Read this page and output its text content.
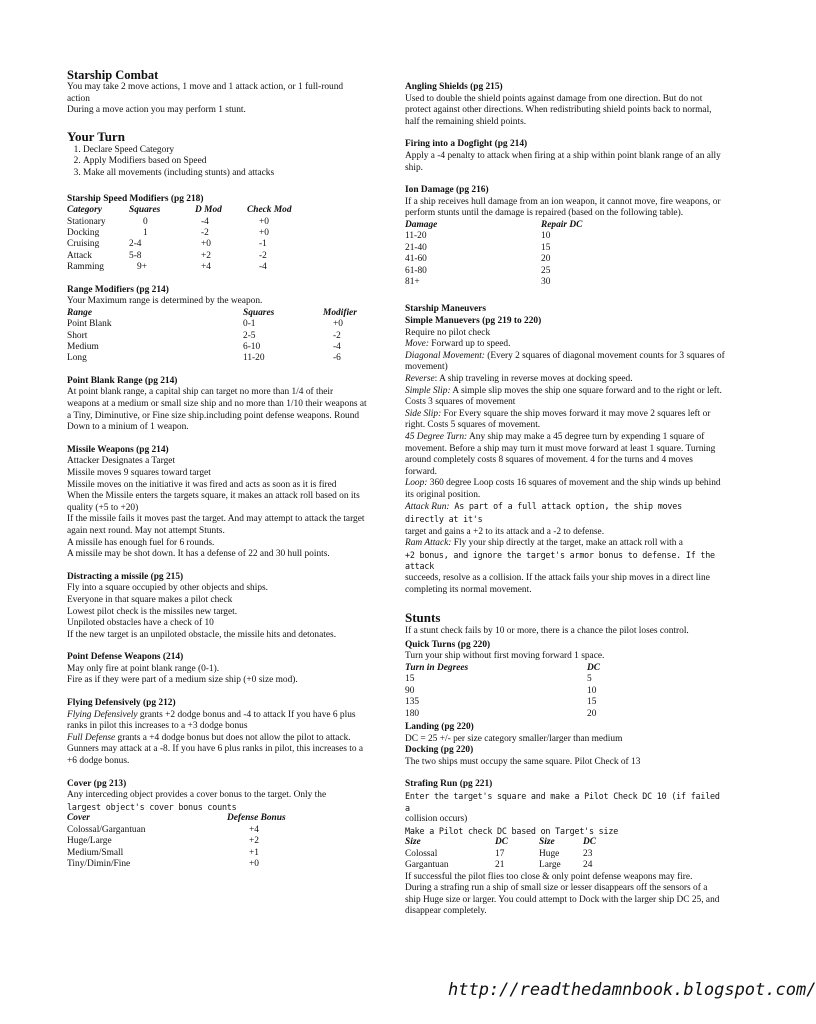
Starship Combat
You may take 2 move actions, 1 move and 1 attack action, or 1 full-round action
During a move action you may perform 1 stunt.
Your Turn
1. Declare Speed Category
2. Apply Modifiers based on Speed
3. Make all movements (including stunts) and attacks
Starship Speed Modifiers (pg 218)
Category	Squares	D Mod	Check Mod
Stationary	0	-4	+0
Docking	1	-2	+0
Cruising	2-4	+0	-1
Attack	5-8	+2	-2
Ramming	9+	+4	-4
Range Modifiers (pg 214)
Your Maximum range is determined by the weapon.
Range	Squares	Modifier
Point Blank	0-1	+0
Short	2-5	-2
Medium	6-10	-4
Long	11-20	-6
Point Blank Range (pg 214)
At point blank range, a capital ship can target no more than 1/4 of their weapons at a medium or small size ship and no more than 1/10 their weapons at a Tiny, Diminutive, or Fine size ship.including point defense weapons. Round Down to a minium of 1 weapon.
Missile Weapons (pg 214)
Attacker Designates a Target
Missile moves 9 squares toward target
Missile moves on the initiative it was fired and acts as soon as it is fired
When the Missile enters the targets square, it makes an attack roll based on its quality (+5 to +20)
If the missile fails it moves past the target. And may attempt to attack the target again next round. May not attempt Stunts.
A missile has enough fuel for 6 rounds.
A missile may be shot down. It has a defense of 22 and 30 hull points.
Distracting a missile (pg 215)
Fly into a square occupied by other objects and ships.
Everyone in that square makes a pilot check
Lowest pilot check is the missiles new target.
Unpiloted obstacles have a check of 10
If the new target is an unpiloted obstacle, the missile hits and detonates.
Point Defense Weapons (214)
May only fire at point blank range (0-1).
Fire as if they were part of a medium size ship (+0 size mod).
Flying Defensively (pg 212)
Flying Defensively grants +2 dodge bonus and -4 to attack If you have 6 plus ranks in pilot this increases to a +3 dodge bonus
Full Defense grants a +4 dodge bonus but does not allow the pilot to attack. Gunners may attack at a -8. If you have 6 plus ranks in pilot, this increases to a +6 dodge bonus.
Cover (pg 213)
Any interceding object provides a cover bonus to the target. Only the
largest object's cover bonus counts
Cover	Defense Bonus
Colossal/Gargantuan	+4
Huge/Large	+2
Medium/Small	+1
Tiny/Dimin/Fine	+0
Angling Shields (pg 215)
Used to double the shield points against damage from one direction. But do not protect against other directions. When redistributing shield points back to normal, half the remaining shield points.
Firing into a Dogfight (pg 214)
Apply a -4 penalty to attack when firing at a ship within point blank range of an ally ship.
Ion Damage (pg 216)
If a ship receives hull damage from an ion weapon, it cannot move, fire weapons, or perform stunts until the damage is repaired (based on the following table).
Damage	Repair DC
11-20	10
21-40	15
41-60	20
61-80	25
81+	30
Starship Maneuvers
Simple Manuevers (pg 219 to 220)
Require no pilot check
Move: Forward up to speed.
Diagonal Movement: (Every 2 squares of diagonal movement counts for 3 squares of movement)
Reverse: A ship traveling in reverse moves at docking speed.
Simple Slip: A simple slip moves the ship one square forward and to the right or left. Costs 3 squares of movement
Side Slip: For Every square the ship moves forward it may move 2 squares left or right. Costs 5 squares of movement.
45 Degree Turn: Any ship may make a 45 degree turn by expending 1 square of movement. Before a ship may turn it must move forward at least 1 square. Turning around completely costs 8 squares of movement. 4 for the turns and 4 moves forward.
Loop: 360 degree Loop costs 16 squares of movement and the ship winds up behind its original position.
Attack Run: As part of a full attack option, the ship moves directly at it's
target and gains a +2 to its attack and a -2 to defense.
Ram Attack: Fly your ship directly at the target, make an attack roll with a
+2 bonus, and ignore the target's armor bonus to defense. If the attack
succeeds, resolve as a collision. If the attack fails your ship moves in a direct line completing its normal movement.
Stunts
If a stunt check fails by 10 or more, there is a chance the pilot loses control.
Quick Turns (pg 220)
Turn your ship without first moving forward 1 space.
Turn in Degrees	DC
15	5
90	10
135	15
180	20
Landing (pg 220)
DC = 25 +/- per size category smaller/larger than medium
Docking (pg 220)
The two ships must occupy the same square. Pilot Check of 13
Strafing Run (pg 221)
Enter the target's square and make a Pilot Check DC 10 (if failed a
collision occurs)
Make a Pilot check DC based on Target's size
Size	DC	Size	DC
Colossal	17	Huge	23
Gargantuan	21	Large	24
If successful the pilot flies too close & only point defense weapons may fire.
During a strafing run a ship of small size or lesser disappears off the sensors of a ship Huge size or larger. You could attempt to Dock with the larger ship DC 25, and disappear completely.
http://readthedamnbook.blogspot.com/
